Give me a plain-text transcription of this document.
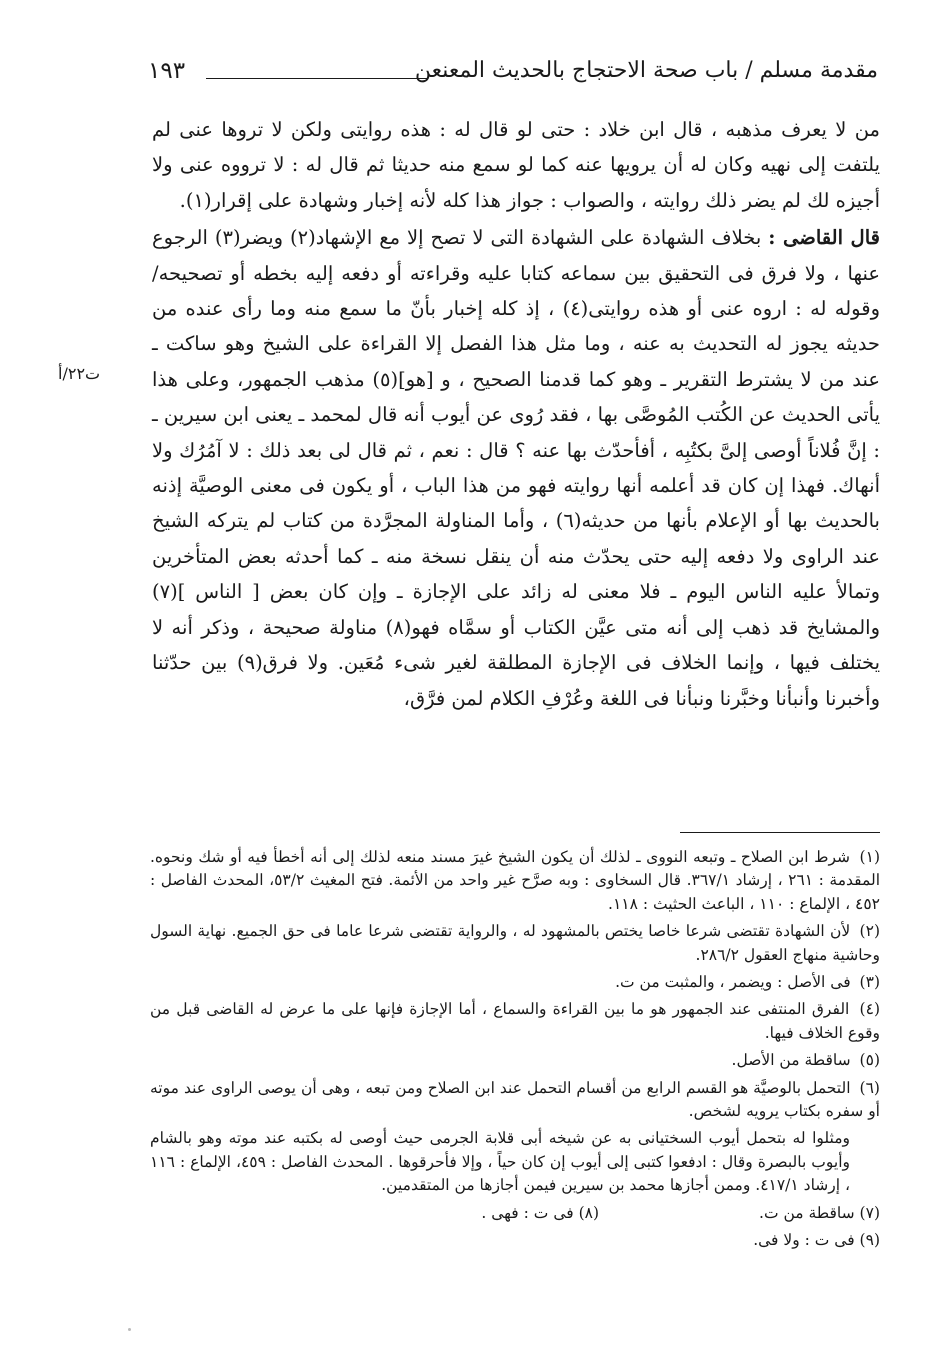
مقدمة مسلم / باب صحة الاحتجاج بالحديث المعنعن
١٩٣
ت٢٢/أ

من لا يعرف مذهبه ، قال ابن خلاد : حتى لو قال له : هذه روايتى ولكن لا تروها عنى لم يلتفت إلى نهيه وكان له أن يرويها عنه كما لو سمع منه حديثا ثم قال له : لا ترووه عنى ولا أجيزه لك لم يضر ذلك روايته ، والصواب : جواز هذا كله لأنه إخبار وشهادة على إقرار(١).

قال القاضى : بخلاف الشهادة على الشهادة التى لا تصح إلا مع الإشهاد(٢) ويضر(٣) الرجوع عنها ، ولا فرق فى التحقيق بين سماعه كتابا عليه وقراءته أو دفعه إليه بخطه أو تصحيحه/ وقوله له : اروه عنى أو هذه روايتى(٤) ، إذ كله إخبار بأنّ ما سمع منه وما رأى عنده من حديثه يجوز له التحديث به عنه ، وما مثل هذا الفصل إلا القراءة على الشيخ وهو ساكت ـ عند من لا يشترط التقرير ـ وهو كما قدمنا الصحيح ، و [هو](٥) مذهب الجمهور، وعلى هذا يأتى الحديث عن الكُتب المُوصَّى بها ، فقد رُوى عن أيوب أنه قال لمحمد ـ يعنى ابن سيرين ـ : إنَّ فُلاناً أوصى إلىَّ بكتُبِه ، أفأحدّث بها عنه ؟ قال : نعم ، ثم قال لى بعد ذلك : لا آمُرُك ولا أنهاك. فهذا إن كان قد أعلمه أنها روايته فهو من هذا الباب ، أو يكون فى معنى الوصيَّة إذنه بالحديث بها أو الإعلام بأنها من حديثه(٦) ، وأما المناولة المجرَّدة من كتاب لم يتركه الشيخ عند الراوى ولا دفعه إليه حتى يحدّث منه أن ينقل نسخة منه ـ كما أحدثه بعض المتأخرين وتمالأ عليه الناس اليوم ـ فلا معنى له زائد على الإجازة ـ وإن كان بعض [ الناس ](٧) والمشايخ قد ذهب إلى أنه متى عيَّن الكتاب أو سمَّاه فهو(٨) مناولة صحيحة ، وذكر أنه لا يختلف فيها ، وإنما الخلاف فى الإجازة المطلقة لغير شىء مُعَين. ولا فرق(٩) بين حدّثنا وأخبرنا وأنبأنا وخبَّرنا ونبأنا فى اللغة وعُرْفِ الكلام لمن فرَّق،

(١) شرط ابن الصلاح ـ وتبعه النووى ـ لذلك أن يكون الشيخ غيرَ مسند منعه لذلك إلى أنه أخطأ فيه أو شك ونحوه. المقدمة : ٢٦١ ، إرشاد ٣٦٧/١. قال السخاوى : وبه صرَّح غير واحد من الأئمة. فتح المغيث ٥٣/٢، المحدث الفاصل : ٤٥٢ ، الإلماع : ١١٠ ، الباعث الحثيث : ١١٨.

(٢) لأن الشهادة تقتضى شرعا خاصا يختص بالمشهود له ، والرواية تقتضى شرعا عاما فى حق الجميع. نهاية السول وحاشية منهاج العقول ٢٨٦/٢.

(٣) فى الأصل : ويضمر ، والمثبت من ت.

(٤) الفرق المنتفى عند الجمهور هو ما بين القراءة والسماع ، أما الإجازة فإنها على ما عرض له القاضى قبل من وقوع الخلاف فيها.

(٥) ساقطة من الأصل.

(٦) التحمل بالوصيَّة هو القسم الرابع من أقسام التحمل عند ابن الصلاح ومن تبعه ، وهى أن يوصى الراوى عند موته أو سفره بكتاب يرويه لشخص.

ومثلوا له بتحمل أيوب السختيانى به عن شيخه أبى قلابة الجرمى حيث أوصى له بكتبه عند موته وهو بالشام وأيوب بالبصرة وقال : ادفعوا كتبى إلى أيوب إن كان حياً ، وإلا فأحرقوها . المحدث الفاصل : ٤٥٩، الإلماع : ١١٦ ، إرشاد ٤١٧/١. وممن أجازها محمد بن سيرين فيمن أجازها من المتقدمين.

(٧) ساقطة من ت.
(٨) فى ت : فهى .

(٩) فى ت : ولا فى.
